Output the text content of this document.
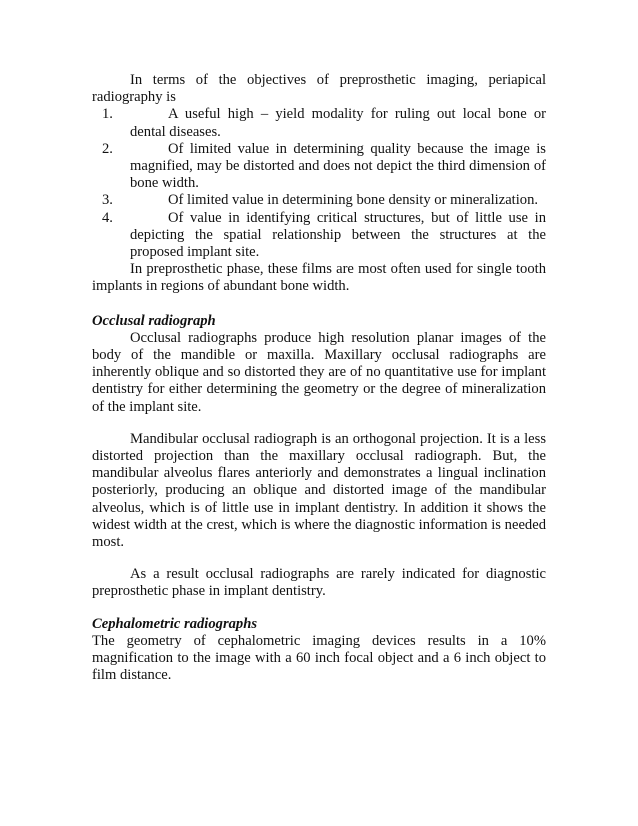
In terms of the objectives of preprosthetic imaging, periapical radiography is

1.	A useful high – yield modality for ruling out local bone or dental diseases.
2.	Of limited value in determining quality because the image is magnified, may be distorted and does not depict the third dimension of bone width.
3.	Of limited value in determining bone density or mineralization.
4.	Of value in identifying critical structures, but of little use in depicting the spatial relationship between the structures at the proposed implant site.

In preprosthetic phase, these films are most often used for single tooth implants in regions of abundant bone width.

Occlusal radiograph

Occlusal radiographs produce high resolution planar images of the body of the mandible or maxilla. Maxillary occlusal radiographs are inherently oblique and so distorted they are of no quantitative use for implant dentistry for either determining the geometry or the degree of mineralization of the implant site.

Mandibular occlusal radiograph is an orthogonal projection. It is a less distorted projection than the maxillary occlusal radiograph. But, the mandibular alveolus flares anteriorly and demonstrates a lingual inclination posteriorly, producing an oblique and distorted image of the mandibular alveolus, which is of little use in implant dentistry. In addition it shows the widest width at the crest, which is where the diagnostic information is needed most.

As a result occlusal radiographs are rarely indicated for diagnostic preprosthetic phase in implant dentistry.

Cephalometric radiographs

The geometry of cephalometric imaging devices results in a 10% magnification to the image with a 60 inch focal object and a 6 inch object to film distance.
